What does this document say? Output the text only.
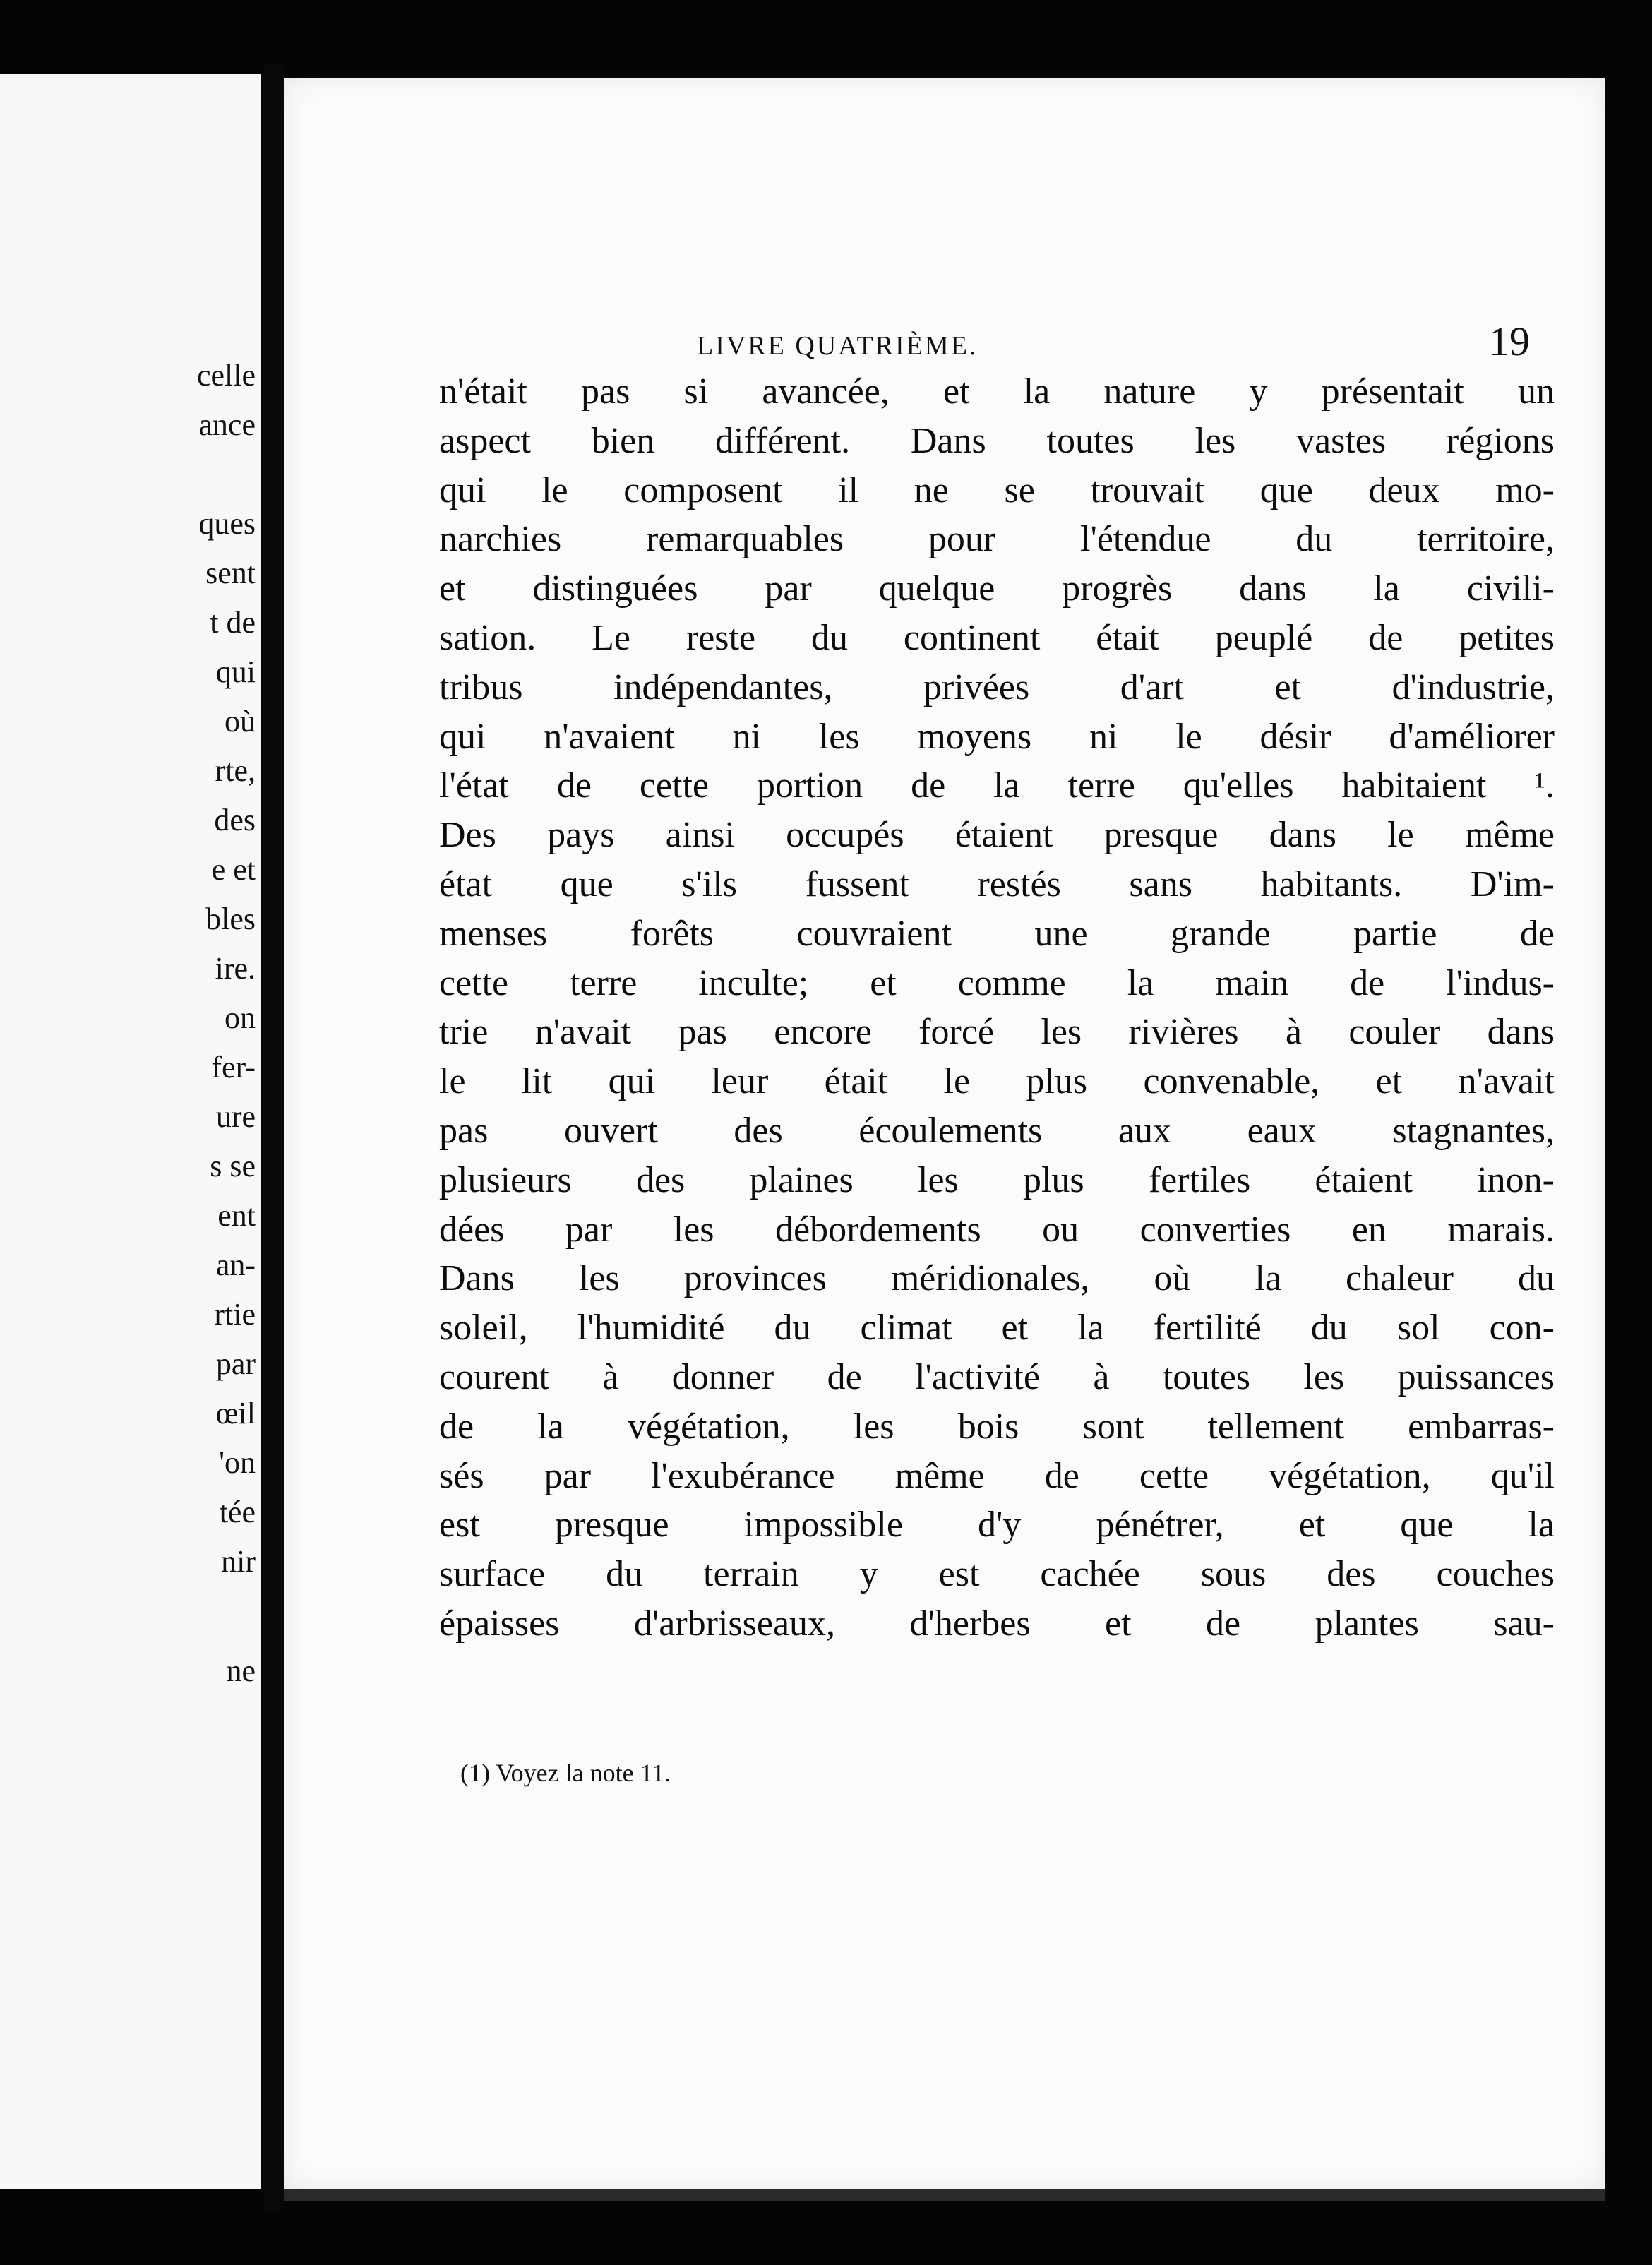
celle

ance

ques

sent

t de

qui

où

rte,

des

e et

bles

ire.

on

fer-

ure

s se

ent

an-

rtie

par

œil

'on

tée

nir

ne

LIVRE QUATRIÈME.	19
n'était pas si avancée, et la nature y présentait un
aspect bien différent. Dans toutes les vastes régions
qui le composent il ne se trouvait que deux mo-
narchies remarquables pour l'étendue du territoire,
et distinguées par quelque progrès dans la civili-
sation. Le reste du continent était peuplé de petites
tribus indépendantes, privées d'art et d'industrie,
qui n'avaient ni les moyens ni le désir d'améliorer
l'état de cette portion de la terre qu'elles habitaient ¹.
Des pays ainsi occupés étaient presque dans le même
état que s'ils fussent restés sans habitants. D'im-
menses forêts couvraient une grande partie de
cette terre inculte; et comme la main de l'indus-
trie n'avait pas encore forcé les rivières à couler dans
le lit qui leur était le plus convenable, et n'avait
pas ouvert des écoulements aux eaux stagnantes,
plusieurs des plaines les plus fertiles étaient inon-
dées par les débordements ou converties en marais.
Dans les provinces méridionales, où la chaleur du
soleil, l'humidité du climat et la fertilité du sol con-
courent à donner de l'activité à toutes les puissances
de la végétation, les bois sont tellement embarras-
sés par l'exubérance même de cette végétation, qu'il
est presque impossible d'y pénétrer, et que la
surface du terrain y est cachée sous des couches
épaisses d'arbrisseaux, d'herbes et de plantes sau-

(1) Voyez la note 11.
